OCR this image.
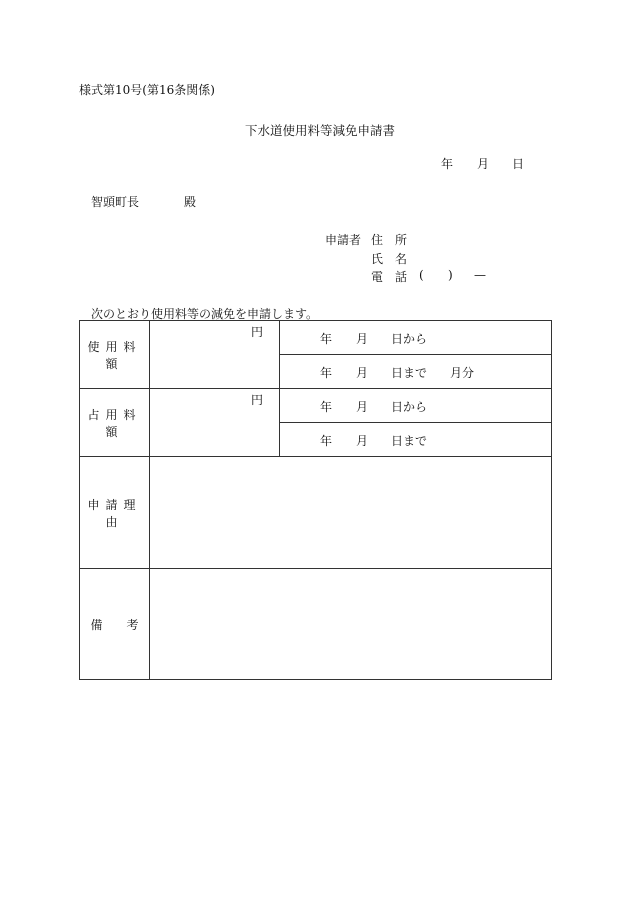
様式第10号(第16条関係)
下水道使用料等減免申請書
年 月 日
智頭町長	殿
申請者 住　所
氏　名
電　話 ( ) —
次のとおり使用料等の減免を申請します。
使用料額	円	年 月 日から

		年 月 日まで 月分

占用料額	円	年 月 日から

		年 月 日まで

申請理由		
備　　考		
